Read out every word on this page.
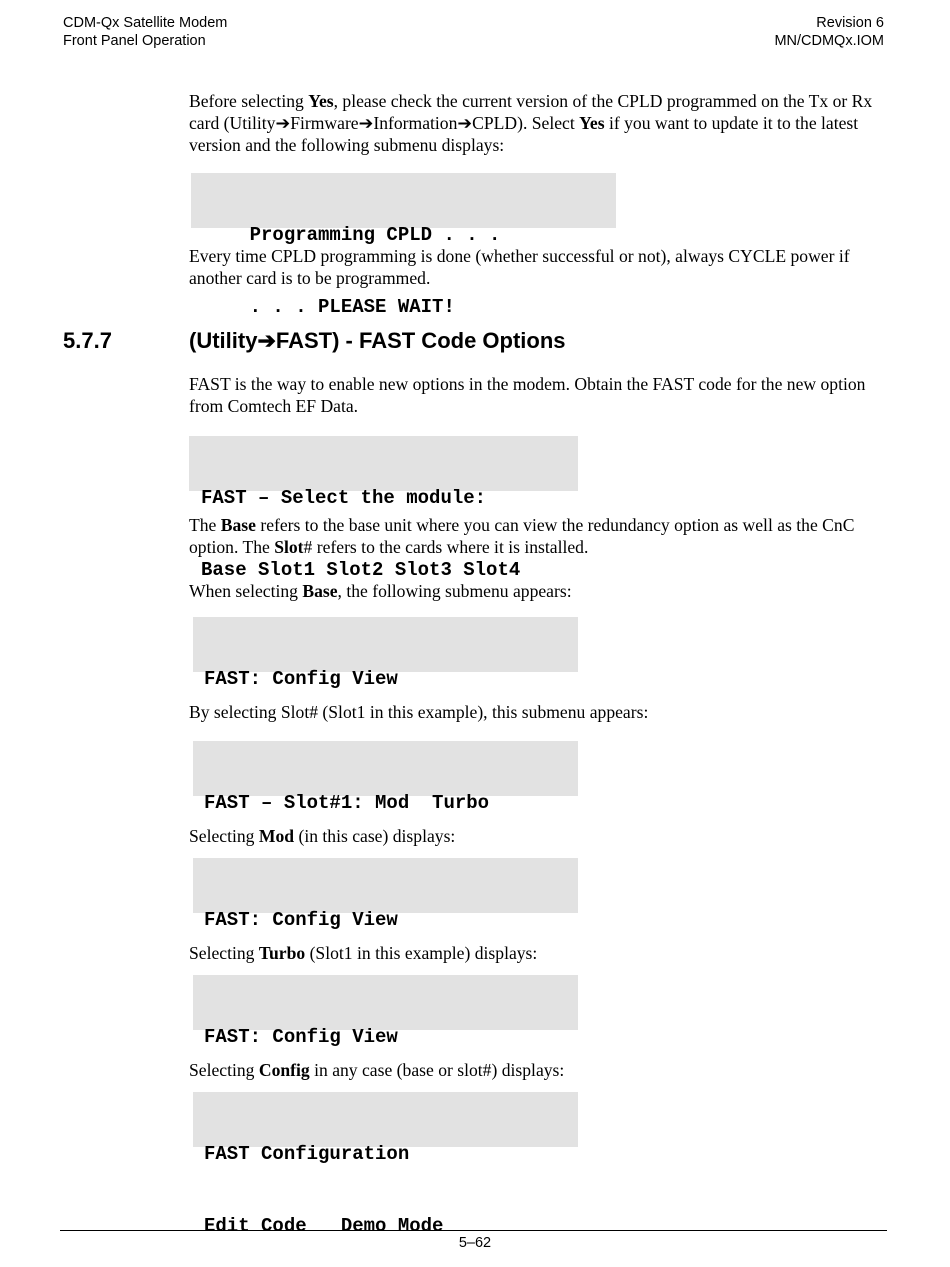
CDM-Qx Satellite Modem
Front Panel Operation
Revision 6
MN/CDMQx.IOM

Before selecting Yes, please check the current version of the CPLD programmed on the Tx or Rx card (Utility➔Firmware➔Information➔CPLD). Select Yes if you want to update it to the latest version and the following submenu displays:

Programming CPLD . . .

. . . PLEASE WAIT!

Every time CPLD programming is done (whether successful or not), always CYCLE power if another card is to be programmed.

5.7.7	(Utility➔FAST) - FAST Code Options

FAST is the way to enable new options in the modem. Obtain the FAST code for the new option from Comtech EF Data.

FAST – Select the module:

Base Slot1 Slot2 Slot3 Slot4

The Base refers to the base unit where you can view the redundancy option as well as the CnC option. The Slot# refers to the cards where it is installed.

When selecting Base, the following submenu appears:

FAST: Config View

By selecting Slot# (Slot1 in this example), this submenu appears:

FAST – Slot#1: Mod  Turbo

Selecting Mod (in this case) displays:

FAST: Config View

Selecting Turbo (Slot1 in this example) displays:

FAST: Config View

Selecting Config in any case (base or slot#) displays:

FAST Configuration

Edit Code   Demo Mode

5–62
